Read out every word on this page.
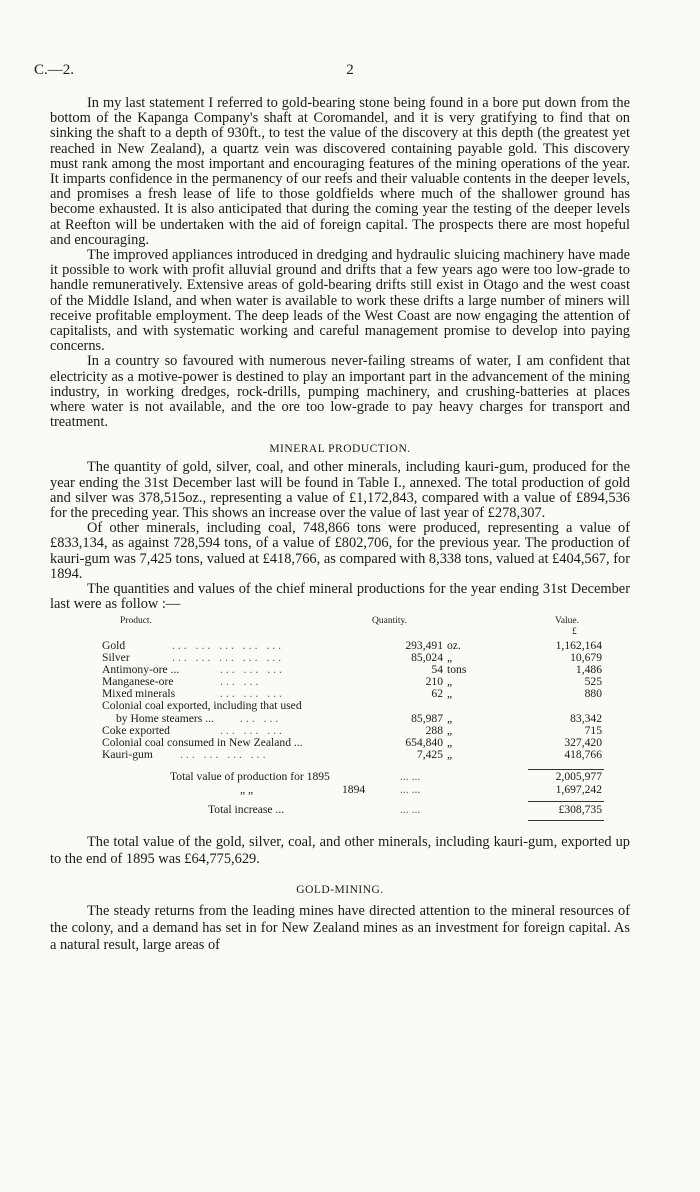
C.—2.	2

In my last statement I referred to gold-bearing stone being found in a bore put down from the bottom of the Kapanga Company's shaft at Coromandel, and it is very gratifying to find that on sinking the shaft to a depth of 930ft., to test the value of the discovery at this depth (the greatest yet reached in New Zealand), a quartz vein was discovered containing payable gold. This discovery must rank among the most important and encouraging features of the mining operations of the year. It imparts confidence in the permanency of our reefs and their valuable contents in the deeper levels, and promises a fresh lease of life to those goldfields where much of the shallower ground has become exhausted. It is also anticipated that during the coming year the testing of the deeper levels at Reefton will be undertaken with the aid of foreign capital. The prospects there are most hopeful and encouraging.

The improved appliances introduced in dredging and hydraulic sluicing machinery have made it possible to work with profit alluvial ground and drifts that a few years ago were too low-grade to handle remuneratively. Extensive areas of gold-bearing drifts still exist in Otago and the west coast of the Middle Island, and when water is available to work these drifts a large number of miners will receive profitable employment. The deep leads of the West Coast are now engaging the attention of capitalists, and with systematic working and careful management promise to develop into paying concerns.

In a country so favoured with numerous never-failing streams of water, I am confident that electricity as a motive-power is destined to play an important part in the advancement of the mining industry, in working dredges, rock-drills, pumping machinery, and crushing-batteries at places where water is not available, and the ore too low-grade to pay heavy charges for transport and treatment.

MINERAL PRODUCTION.

The quantity of gold, silver, coal, and other minerals, including kauri-gum, produced for the year ending the 31st December last will be found in Table I., annexed. The total production of gold and silver was 378,515oz., representing a value of £1,172,843, compared with a value of £894,536 for the preceding year. This shows an increase over the value of last year of £278,307.

Of other minerals, including coal, 748,866 tons were produced, representing a value of £833,134, as against 728,594 tons, of a value of £802,706, for the previous year. The production of kauri-gum was 7,425 tons, valued at £418,766, as compared with 8,338 tons, valued at £404,567, for 1894.

The quantities and values of the chief mineral productions for the year ending 31st December last were as follow :—

Product.	Quantity.	Value.
£
Gold	... ... ... ... ...	293,491 oz.	1,162,164
Silver	... ... ... ... ...	85,024 „	10,679
Antimony-ore ...	... ... ...	54 tons	1,486
Manganese-ore	... ...	210 „	525
Mixed minerals	... ... ...	62 „	880
Colonial coal exported, including that used
by Home steamers ... ... ...	85,987 „	83,342
Coke exported	... ... ...	288 „	715
Colonial coal consumed in New Zealand ...	654,840 „	327,420
Kauri-gum ... ... ... ...	7,425 „	418,766
Total value of production for 1895	... ...	2,005,977
„ „	1894	... ...	1,697,242
Total increase ...	... ...	£308,735

The total value of the gold, silver, coal, and other minerals, including kauri-gum, exported up to the end of 1895 was £64,775,629.

GOLD-MINING.

The steady returns from the leading mines have directed attention to the mineral resources of the colony, and a demand has set in for New Zealand mines as an investment for foreign capital. As a natural result, large areas of
